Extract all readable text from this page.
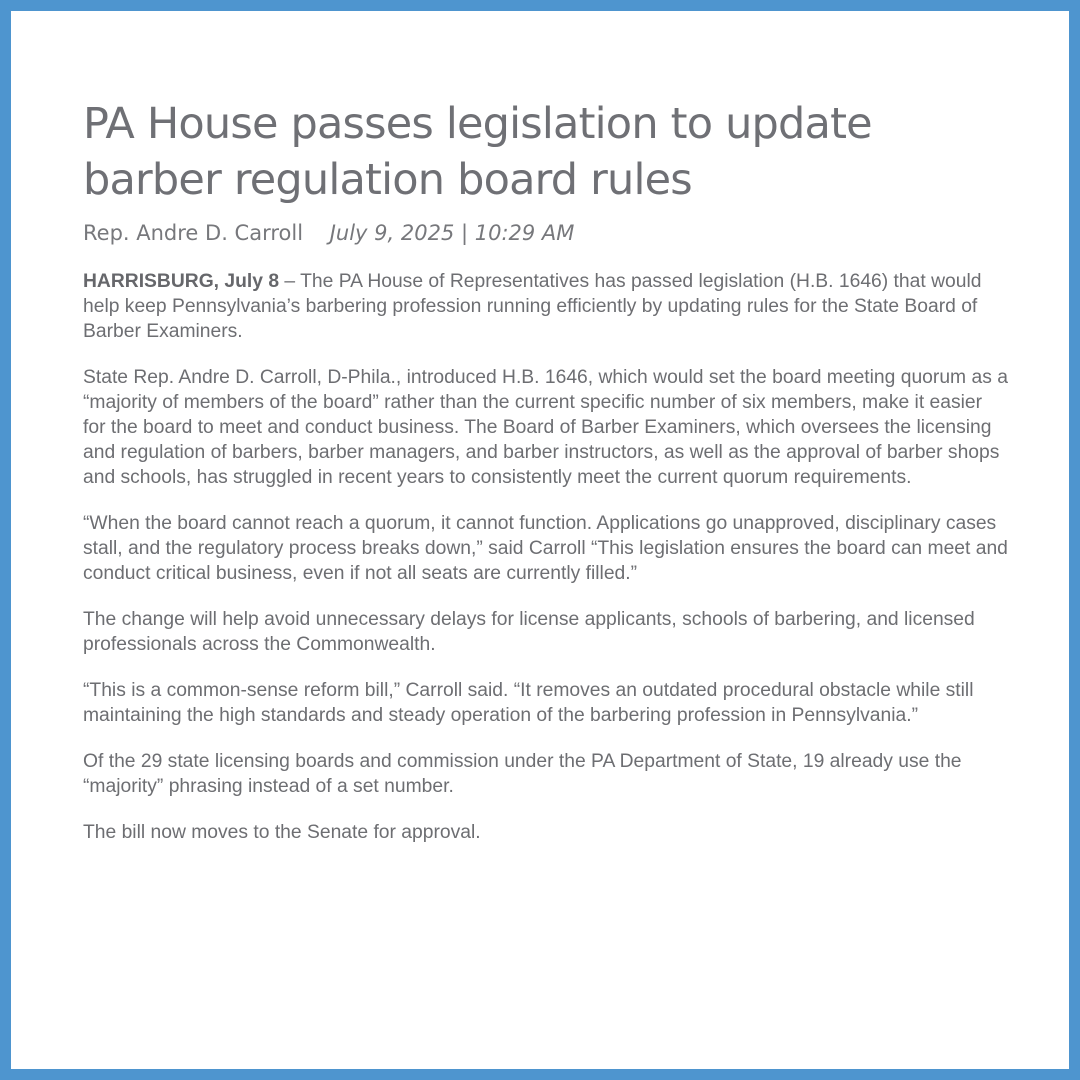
PA House passes legislation to update barber regulation board rules
Rep. Andre D. Carroll July 9, 2025 | 10:29 AM

HARRISBURG, July 8 – The PA House of Representatives has passed legislation (H.B. 1646) that would help keep Pennsylvania’s barbering profession running efficiently by updating rules for the State Board of Barber Examiners.

State Rep. Andre D. Carroll, D-Phila., introduced H.B. 1646, which would set the board meeting quorum as a “majority of members of the board” rather than the current specific number of six members, make it easier for the board to meet and conduct business. The Board of Barber Examiners, which oversees the licensing and regulation of barbers, barber managers, and barber instructors, as well as the approval of barber shops and schools, has struggled in recent years to consistently meet the current quorum requirements.

“When the board cannot reach a quorum, it cannot function. Applications go unapproved, disciplinary cases stall, and the regulatory process breaks down,” said Carroll “This legislation ensures the board can meet and conduct critical business, even if not all seats are currently filled.”

The change will help avoid unnecessary delays for license applicants, schools of barbering, and licensed professionals across the Commonwealth.

“This is a common-sense reform bill,” Carroll said. “It removes an outdated procedural obstacle while still maintaining the high standards and steady operation of the barbering profession in Pennsylvania.”

Of the 29 state licensing boards and commission under the PA Department of State, 19 already use the “majority” phrasing instead of a set number.

The bill now moves to the Senate for approval.
